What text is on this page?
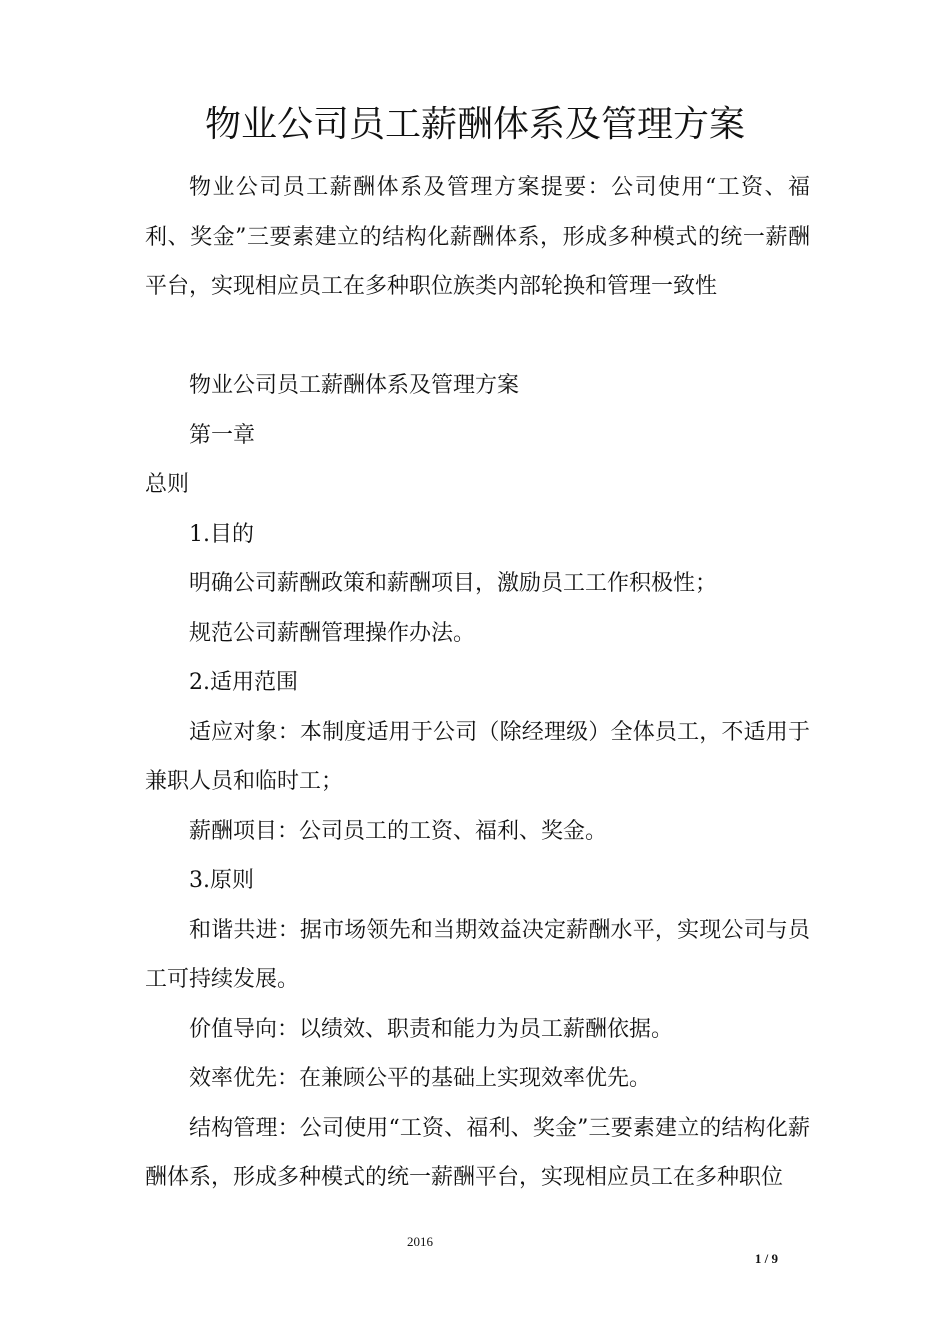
物业公司员工薪酬体系及管理方案

物业公司员工薪酬体系及管理方案提要：公司使用“工资、福利、奖金”三要素建立的结构化薪酬体系，形成多种模式的统一薪酬平台，实现相应员工在多种职位族类内部轮换和管理一致性

物业公司员工薪酬体系及管理方案

第一章

总则

1.目的

明确公司薪酬政策和薪酬项目，激励员工工作积极性；

规范公司薪酬管理操作办法。

2.适用范围

适应对象：本制度适用于公司（除经理级）全体员工，不适用于兼职人员和临时工；

薪酬项目：公司员工的工资、福利、奖金。

3.原则

和谐共进：据市场领先和当期效益决定薪酬水平，实现公司与员工可持续发展。

价值导向：以绩效、职责和能力为员工薪酬依据。

效率优先：在兼顾公平的基础上实现效率优先。

结构管理：公司使用“工资、福利、奖金”三要素建立的结构化薪酬体系，形成多种模式的统一薪酬平台，实现相应员工在多种职位

2016
1 / 9
